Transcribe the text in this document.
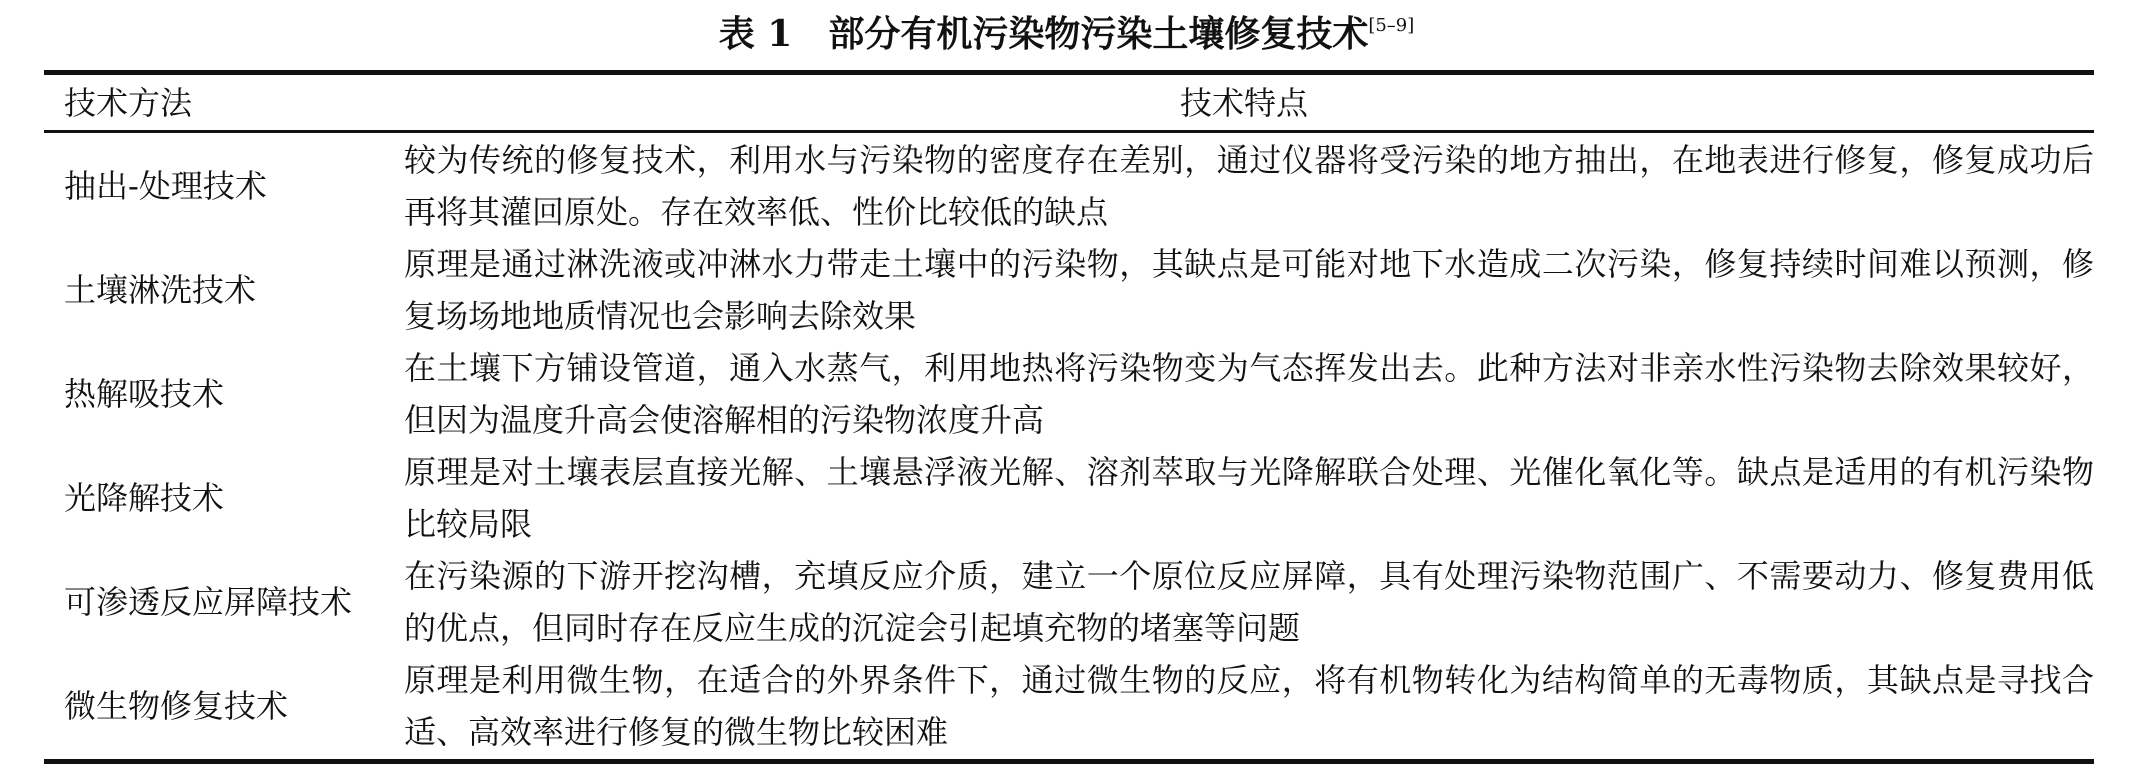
表 1 部分有机污染物污染土壤修复技术[5–9]
技术方法	技术特点
抽出-处理技术
较为传统的修复技术，利用水与污染物的密度存在差别，通过仪器将受污染的地方抽出，在地表进行修复，修复成功后再将其灌回原处。存在效率低、性价比较低的缺点
土壤淋洗技术
原理是通过淋洗液或冲淋水力带走土壤中的污染物，其缺点是可能对地下水造成二次污染，修复持续时间难以预测，修复场场地地质情况也会影响去除效果
热解吸技术
在土壤下方铺设管道，通入水蒸气，利用地热将污染物变为气态挥发出去。此种方法对非亲水性污染物去除效果较好，但因为温度升高会使溶解相的污染物浓度升高
光降解技术
原理是对土壤表层直接光解、土壤悬浮液光解、溶剂萃取与光降解联合处理、光催化氧化等。缺点是适用的有机污染物比较局限
可渗透反应屏障技术
在污染源的下游开挖沟槽，充填反应介质，建立一个原位反应屏障，具有处理污染物范围广、不需要动力、修复费用低的优点，但同时存在反应生成的沉淀会引起填充物的堵塞等问题
微生物修复技术
原理是利用微生物，在适合的外界条件下，通过微生物的反应，将有机物转化为结构简单的无毒物质，其缺点是寻找合适、高效率进行修复的微生物比较困难
